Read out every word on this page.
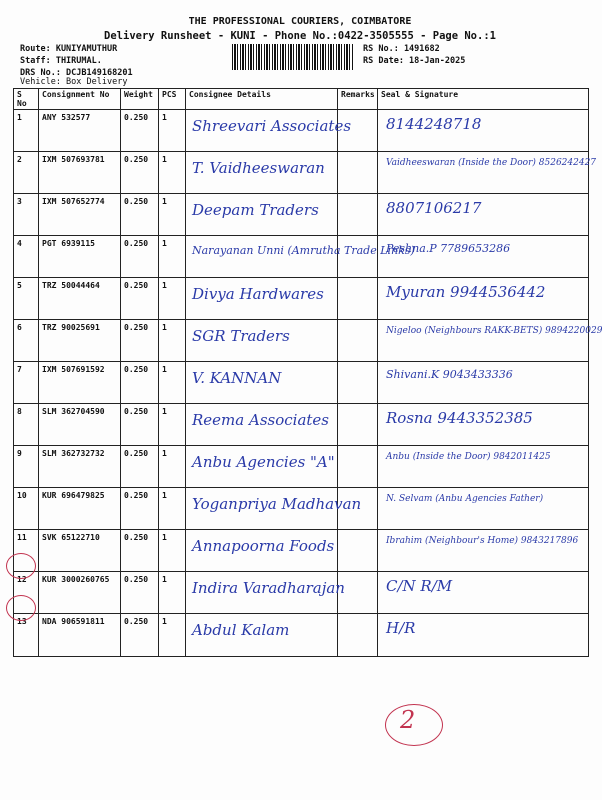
THE PROFESSIONAL COURIERS, COIMBATORE
Delivery Runsheet - KUNI - Phone No.:0422-3505555 - Page No.:1
Route: KUNIYAMUTHUR
Staff: THIRUMAL.
DRS No.: DCJB149168201
Vehicle: Box Delivery
RS No.: 1491682
RS Date: 18-Jan-2025
S No	Consignment No	Weight	PCS	Consignee Details	Remarks	Seal & Signature
1	ANY 532577	0.250	1	Shreevari Associates		8144248718

2	IXM 507693781	0.250	1	T. Vaidheeswaran		Vaidheeswaran (Inside the Door) 8526242427

3	IXM 507652774	0.250	1	Deepam Traders		8807106217

4	PGT 6939115	0.250	1	Narayanan Unni (Amrutha Trade Links)		Peshna.P 7789653286

5	TRZ 50044464	0.250	1	Divya Hardwares		Myuran 9944536442

6	TRZ 90025691	0.250	1	SGR Traders		Nigeloo (Neighbours RAKK-BETS) 9894220029

7	IXM 507691592	0.250	1	V. KANNAN		Shivani.K 9043433336

8	SLM 362704590	0.250	1	Reema Associates		Rosna 9443352385

9	SLM 362732732	0.250	1	Anbu Agencies "A"		Anbu (Inside the Door) 9842011425

10	KUR 696479825	0.250	1	Yoganpriya Madhavan		N. Selvam (Anbu Agencies Father)

11	SVK 65122710	0.250	1	Annapoorna Foods		Ibrahim (Neighbour's Home) 9843217896

12	KUR 3000260765	0.250	1	Indira Varadharajan		C/N R/M

13	NDA 906591811	0.250	1	Abdul Kalam		H/R
2
